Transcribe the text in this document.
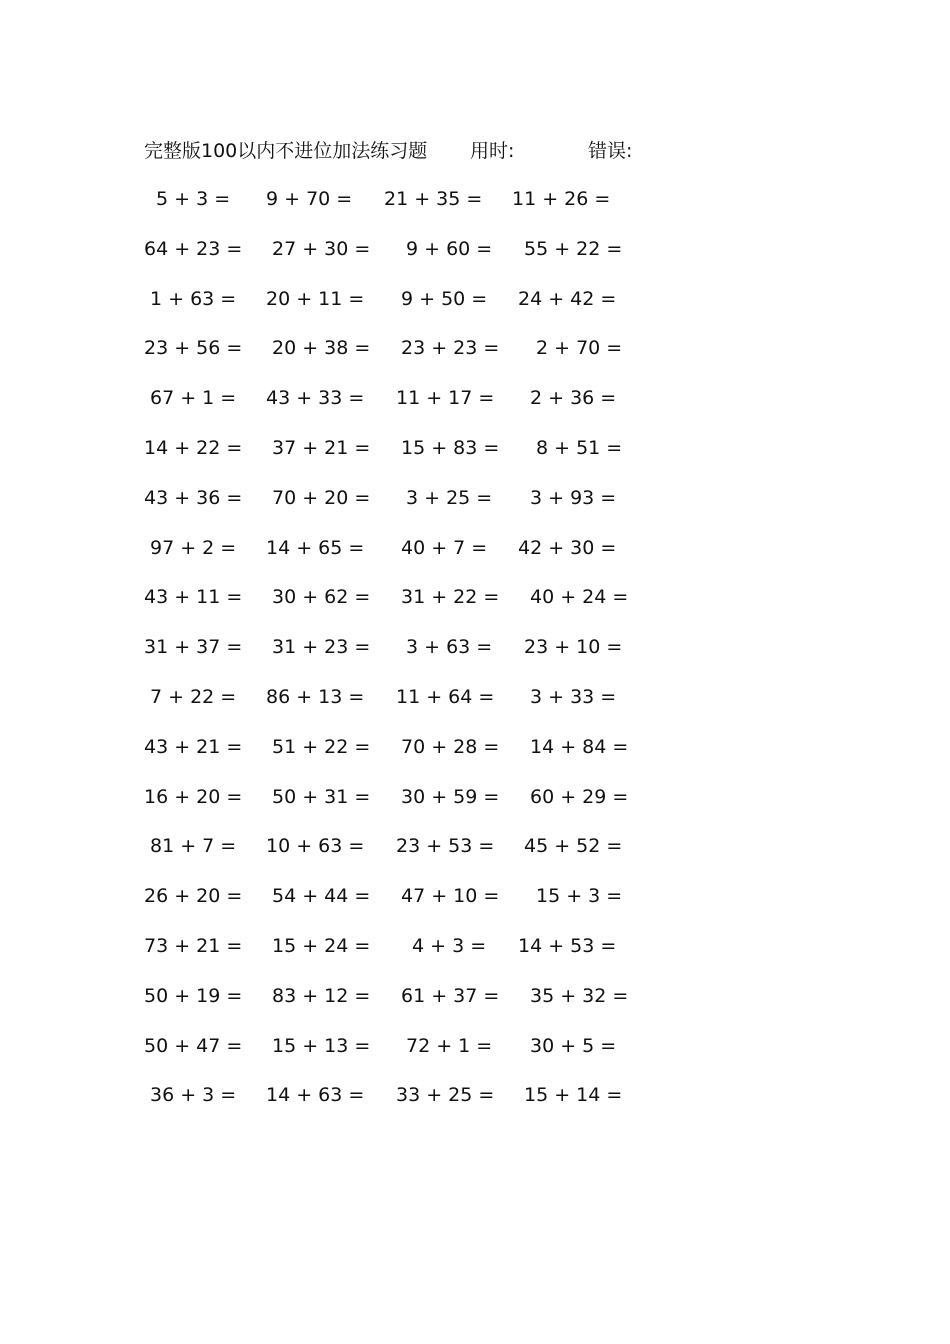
完整版100以内不进位加法练习题 用时:	错误:
5 + 3 = 9 + 70 = 21 + 35 = 11 + 26 =
64 + 23 = 27 + 30 = 9 + 60 = 55 + 22 =
1 + 63 = 20 + 11 = 9 + 50 = 24 + 42 =
23 + 56 = 20 + 38 = 23 + 23 = 2 + 70 =
67 + 1 = 43 + 33 = 11 + 17 = 2 + 36 =
14 + 22 = 37 + 21 = 15 + 83 = 8 + 51 =
43 + 36 = 70 + 20 = 3 + 25 = 3 + 93 =
97 + 2 = 14 + 65 = 40 + 7 = 42 + 30 =
43 + 11 = 30 + 62 = 31 + 22 = 40 + 24 =
31 + 37 = 31 + 23 = 3 + 63 = 23 + 10 =
7 + 22 = 86 + 13 = 11 + 64 = 3 + 33 =
43 + 21 = 51 + 22 = 70 + 28 = 14 + 84 =
16 + 20 = 50 + 31 = 30 + 59 = 60 + 29 =
81 + 7 = 10 + 63 = 23 + 53 = 45 + 52 =
26 + 20 = 54 + 44 = 47 + 10 = 15 + 3 =
73 + 21 = 15 + 24 = 4 + 3 = 14 + 53 =
50 + 19 = 83 + 12 = 61 + 37 = 35 + 32 =
50 + 47 = 15 + 13 = 72 + 1 = 30 + 5 =
36 + 3 = 14 + 63 = 33 + 25 = 15 + 14 =
